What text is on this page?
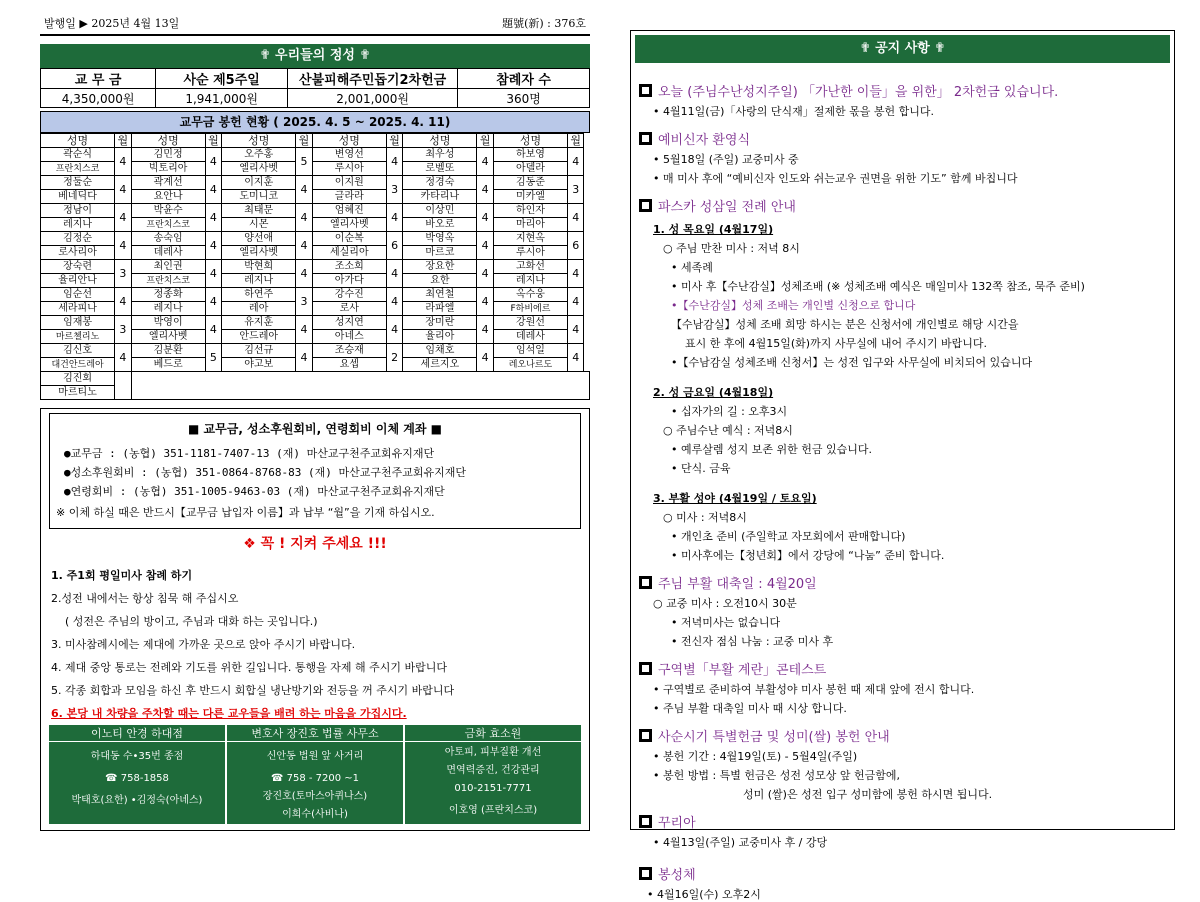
발행일 ▶ 2025년 4월 13일	題號(新) : 376호
✟ 우리들의 정성 ✟
교 무 금	사순 제5주일	산불피해주민돕기2차헌금	참례자 수
4,350,000원	1,941,000원	2,001,000원	360명
교무금 봉헌 현황 ( 2025. 4. 5 ~ 2025. 4. 11)
성명	월	성명	월	성명	월	성명	월	성명	월	성명	월
곽순식	4	김민정	4	오주홍	5	변영선	4	최우성	4	하보영	4
프란치스코		빅토리아		엘리사벳		루시아		로벨또		아델라	
정둘순	4	곽계선	4	이지훈	4	이지원	3	정경숙	4	김동준	3
베네딕다		요안나		도미니코		글라라		카타리나		미카엘	
정남이	4	박윤수	4	최태문	4	엄혜진	4	이상민	4	하인자	4
레지나		프란치스코		시몬		엘리사벳		바오로		마리아	
김정순	4	송숙임	4	양선애	4	이순복	6	박영옥	4	지현옥	6
로사리아		데레사		엘리사벳		세실리아		마르코		루시아	
장숙련	3	최인권	4	박현희	4	조소희	4	장요한	4	고화선	4
율리안나		프란치스코		레지나		아가다		요한		레지나	
임순선	4	정종화	4	하연주	3	강수진	4	최연철	4	옥수웅	4
세라피나		레지나		레아		로사		라파엘		F하비에르	
임재봉	3	박영이	4	유지훈	4	성지연	4	장미란	4	강원선	4
마르첼리노		엘리사벳		안드레아		아네스		율리아		데레사	
김신호	4	김분환	5	김선규	4	조승재	2	임채호	4	임석일	4
대건안드레아		베드로		야고보		요셉		세르지오		레오나르도	
김진회											
마르티노											
■ 교무금, 성소후원회비, 연령회비 이체 계좌 ■
●교무금 : (농협) 351-1181-7407-13 (재) 마산교구천주교회유지재단
●성소후원회비 : (농협) 351-0864-8768-83 (재) 마산교구천주교회유지재단
●연령회비 : (농협) 351-1005-9463-03 (재) 마산교구천주교회유지재단
※ 이체 하실 때은 반드시【교무금 납입자 이름】과 납부 “월”을 기재 하십시오.
❖ 꼭 ! 지켜 주세요 !!!
1. 주1회 평일미사 참례 하기
2.성전 내에서는 항상 침묵 해 주십시오
( 성전은 주님의 방이고, 주님과 대화 하는 곳입니다.)
3. 미사참례시에는 제대에 가까운 곳으로 앉아 주시기 바랍니다.
4. 제대 중앙 통로는 전례와 기도를 위한 길입니다. 통행을 자제 해 주시기 바랍니다
5. 각종 회합과 모임을 하신 후 반드시 회합실 냉난방기와 전등을 꺼 주시기 바랍니다
6. 본당 내 차량을 주차할 때는 다른 교우들을 배려 하는 마음을 가집시다.
이노티 안경 하대점
하대동 수•35번 종점
☎ 758-1858
박태호(요한) •김정숙(아녜스)
변호사 장진호 법률 사무소
신안동 법원 앞 사거리
☎ 758 - 7200 ~1
장진호(토마스아퀴나스)
이희수(사비나)
금화 효소원
아토피, 피부질환 개선
면역력증진, 건강관리
010-2151-7771
이호영 (프란치스코)
✟ 공지 사항 ✟
오늘 (주님수난성지주일) 「가난한 이들」을 위한」 2차헌금 있습니다.
• 4월11일(금)「사랑의 단식재」절제한 몫을 봉헌 합니다.
예비신자 환영식
• 5월18일 (주일) 교중미사 중
• 매 미사 후에 “예비신자 인도와 쉬는교우 권면을 위한 기도” 함께 바칩니다
파스카 성삼일 전례 안내
1. 성 목요일 (4월17일)
○ 주님 만찬 미사 : 저녁 8시
• 세족례
• 미사 후【수난감실】성체조배 (※ 성체조배 예식은 매일미사 132쪽 참조, 묵주 준비)
•【수난감실】성체 조배는 개인별 신청으로 합니다
【수남감실】성체 조배 희망 하시는 분은 신청서에 개인별로 해당 시간을
표시 한 후에 4월15일(화)까지 사무실에 내어 주시기 바랍니다.
•【수남감실 성체조배 신청서】는 성전 입구와 사무실에 비치되어 있습니다
2. 성 금요일 (4월18일)
• 십자가의 길 : 오후3시
○ 주님수난 예식 : 저녁8시
• 예루살렘 성지 보존 위한 헌금 있습니다.
• 단식. 금육
3. 부활 성야 (4월19일 / 토요일)
○ 미사 : 저녁8시
• 개인초 준비 (주일학교 자모회에서 판매합니다)
• 미사후에는【청년회】에서 강당에 “나눔” 준비 합니다.
주님 부활 대축일 : 4월20일
○ 교중 미사 : 오전10시 30분
• 저녁미사는 없습니다
• 전신자 점심 나눔 : 교중 미사 후
구역별「부활 계란」콘테스트
• 구역별로 준비하여 부활성야 미사 봉헌 때 제대 앞에 전시 합니다.
• 주님 부활 대축일 미사 때 시상 합니다.
사순시기 특별헌금 및 성미(쌀) 봉헌 안내
• 봉헌 기간 : 4월19일(토) - 5월4일(주일)
• 봉헌 방법 : 특별 헌금은 성전 성모상 앞 헌금함에,
성미 (쌀)은 성전 입구 성미함에 봉헌 하시면 됩니다.
꾸리아
• 4월13일(주일) 교중미사 후 / 강당
봉성체
• 4월16일(수) 오후2시
